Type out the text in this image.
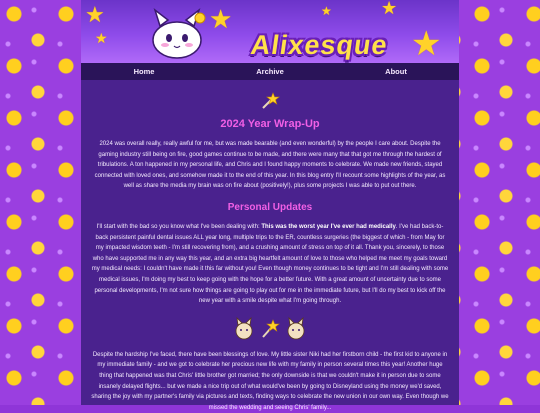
★
★
★	★
★
★
Alixesque
Home	Archive	About
2024 Year Wrap-Up

2024 was overall really, really awful for me, but was made bearable (and even wonderful) by the people I care about. Despite the gaming industry still being on fire, good games continue to be made, and there were many that that got me through the hardest of tribulations. A ton happened in my personal life, and Chris and I found happy moments to celebrate. We made new friends, stayed connected with loved ones, and somehow made it to the end of this year. In this blog entry I'll recount some highlights of the year, as well as share the media my brain was on fire about (positively!), plus some projects I was able to put out there.

Personal Updates

I'll start with the bad so you know what I've been dealing with: This was the worst year I've ever had medically. I've had back-to-back persistent painful dental issues ALL year long, multiple trips to the ER, countless surgeries (the biggest of which - from May for my impacted wisdom teeth - I'm still recovering from), and a crushing amount of stress on top of it all. Thank you, sincerely, to those who have supported me in any way this year, and an extra big heartfelt amount of love to those who helped me meet my goals toward my medical needs: I couldn't have made it this far without you! Even though money continues to be tight and I'm still dealing with some medical issues, I'm doing my best to keep going with the hope for a better future. With a great amount of uncertainty due to some personal developments, I'm not sure how things are going to play out for me in the immediate future, but I'll do my best to kick off the new year with a smile despite what I'm going through.

Despite the hardship I've faced, there have been blessings of love. My little sister Niki had her firstborn child - the first kid to anyone in my immediate family - and we got to celebrate her precious new life with my family in person several times this year! Another huge thing that happened was that Chris' little brother got married; the only downside is that we couldn't make it in person due to some insanely delayed flights... but we made a nice trip out of what would've been by going to Disneyland using the money we'd saved, sharing the joy with my partner's family via pictures and texts, finding ways to celebrate the new union in our own way. Even though we missed the wedding and seeing Chris' family...
